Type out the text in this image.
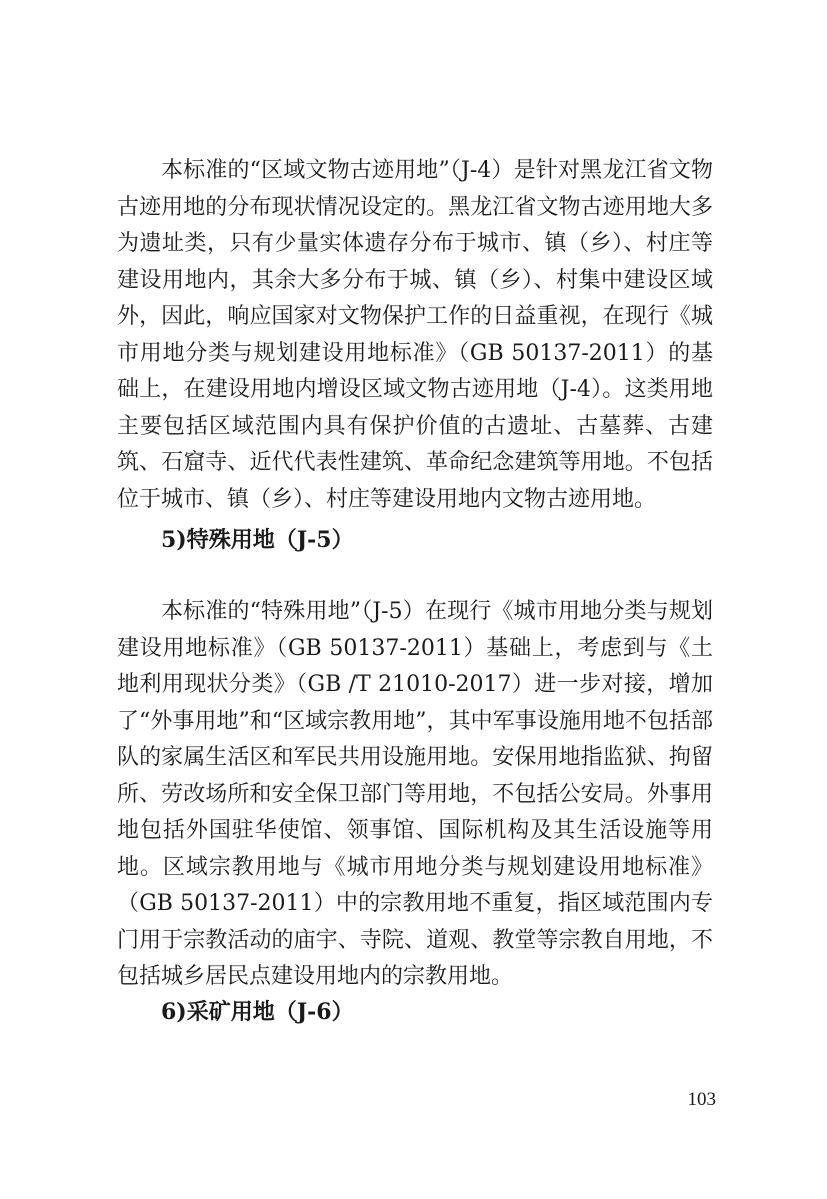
本标准的“区域文物古迹用地”（J-4）是针对黑龙江省文物古迹用地的分布现状情况设定的。黑龙江省文物古迹用地大多为遗址类，只有少量实体遗存分布于城市、镇（乡）、村庄等建设用地内，其余大多分布于城、镇（乡）、村集中建设区域外，因此，响应国家对文物保护工作的日益重视，在现行《城市用地分类与规划建设用地标准》（GB 50137-2011）的基础上，在建设用地内增设区域文物古迹用地（J-4）。这类用地主要包括区域范围内具有保护价值的古遗址、古墓葬、古建筑、石窟寺、近代代表性建筑、革命纪念建筑等用地。不包括位于城市、镇（乡）、村庄等建设用地内文物古迹用地。

5)特殊用地（J-5）

本标准的“特殊用地”（J-5）在现行《城市用地分类与规划建设用地标准》（GB 50137-2011）基础上，考虑到与《土地利用现状分类》（GB /T 21010-2017）进一步对接，增加了“外事用地”和“区域宗教用地”，其中军事设施用地不包括部队的家属生活区和军民共用设施用地。安保用地指监狱、拘留所、劳改场所和安全保卫部门等用地，不包括公安局。外事用地包括外国驻华使馆、领事馆、国际机构及其生活设施等用地。区域宗教用地与《城市用地分类与规划建设用地标准》（GB 50137-2011）中的宗教用地不重复，指区域范围内专门用于宗教活动的庙宇、寺院、道观、教堂等宗教自用地，不包括城乡居民点建设用地内的宗教用地。

6)采矿用地（J-6）
103
